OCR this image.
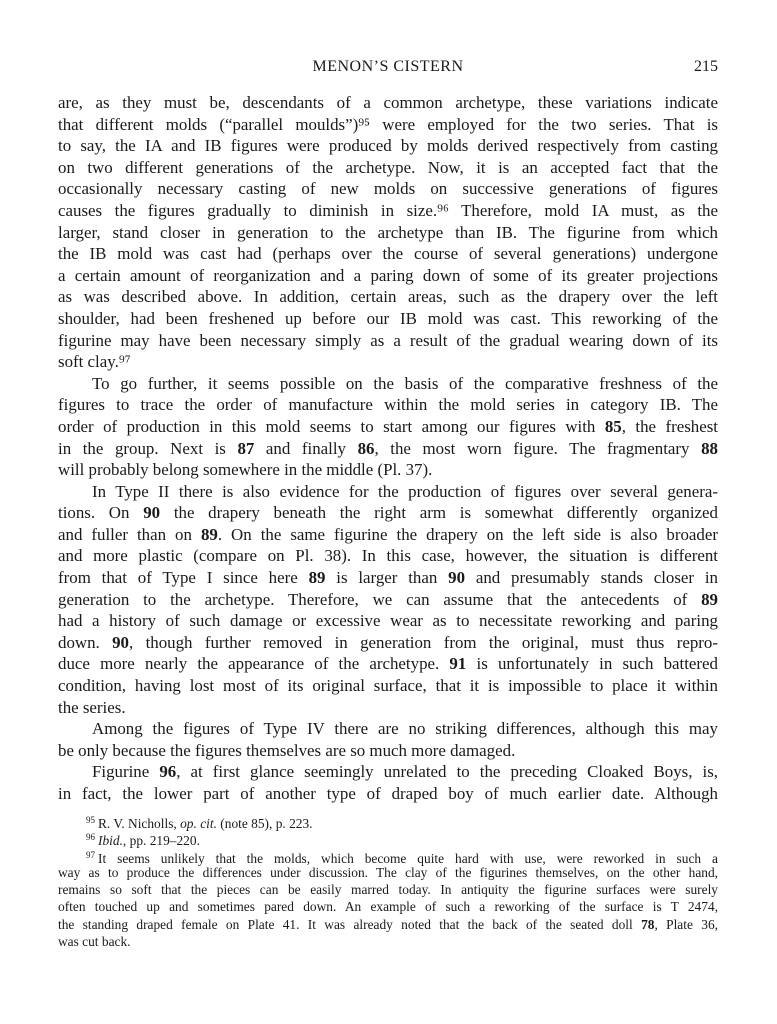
MENON’S CISTERN	215
are, as they must be, descendants of a common archetype, these variations indicate
that different molds (“parallel moulds”)⁹⁵ were employed for the two series. That is
to say, the IA and IB figures were produced by molds derived respectively from casting
on two different generations of the archetype. Now, it is an accepted fact that the
occasionally necessary casting of new molds on successive generations of figures
causes the figures gradually to diminish in size.⁹⁶ Therefore, mold IA must, as the
larger, stand closer in generation to the archetype than IB. The figurine from which
the IB mold was cast had (perhaps over the course of several generations) undergone
a certain amount of reorganization and a paring down of some of its greater projections
as was described above. In addition, certain areas, such as the drapery over the left
shoulder, had been freshened up before our IB mold was cast. This reworking of the
figurine may have been necessary simply as a result of the gradual wearing down of its
soft clay.⁹⁷
To go further, it seems possible on the basis of the comparative freshness of the
figures to trace the order of manufacture within the mold series in category IB. The
order of production in this mold seems to start among our figures with 85, the freshest
in the group. Next is 87 and finally 86, the most worn figure. The fragmentary 88
will probably belong somewhere in the middle (Pl. 37).
In Type II there is also evidence for the production of figures over several genera-
tions. On 90 the drapery beneath the right arm is somewhat differently organized
and fuller than on 89. On the same figurine the drapery on the left side is also broader
and more plastic (compare on Pl. 38). In this case, however, the situation is different
from that of Type I since here 89 is larger than 90 and presumably stands closer in
generation to the archetype. Therefore, we can assume that the antecedents of 89
had a history of such damage or excessive wear as to necessitate reworking and paring
down. 90, though further removed in generation from the original, must thus repro-
duce more nearly the appearance of the archetype. 91 is unfortunately in such battered
condition, having lost most of its original surface, that it is impossible to place it within
the series.
Among the figures of Type IV there are no striking differences, although this may
be only because the figures themselves are so much more damaged.
Figurine 96, at first glance seemingly unrelated to the preceding Cloaked Boys, is,
in fact, the lower part of another type of draped boy of much earlier date. Although
$^{95}$ R. V. Nicholls, op. cit. (note 85), p. 223.
$^{96}$ Ibid., pp. 219–220.
$^{97}$ It seems unlikely that the molds, which become quite hard with use, were reworked in such a
way as to produce the differences under discussion. The clay of the figurines themselves, on the other hand,
remains so soft that the pieces can be easily marred today. In antiquity the figurine surfaces were surely
often touched up and sometimes pared down. An example of such a reworking of the surface is T 2474,
the standing draped female on Plate 41. It was already noted that the back of the seated doll 78, Plate 36,
was cut back.
